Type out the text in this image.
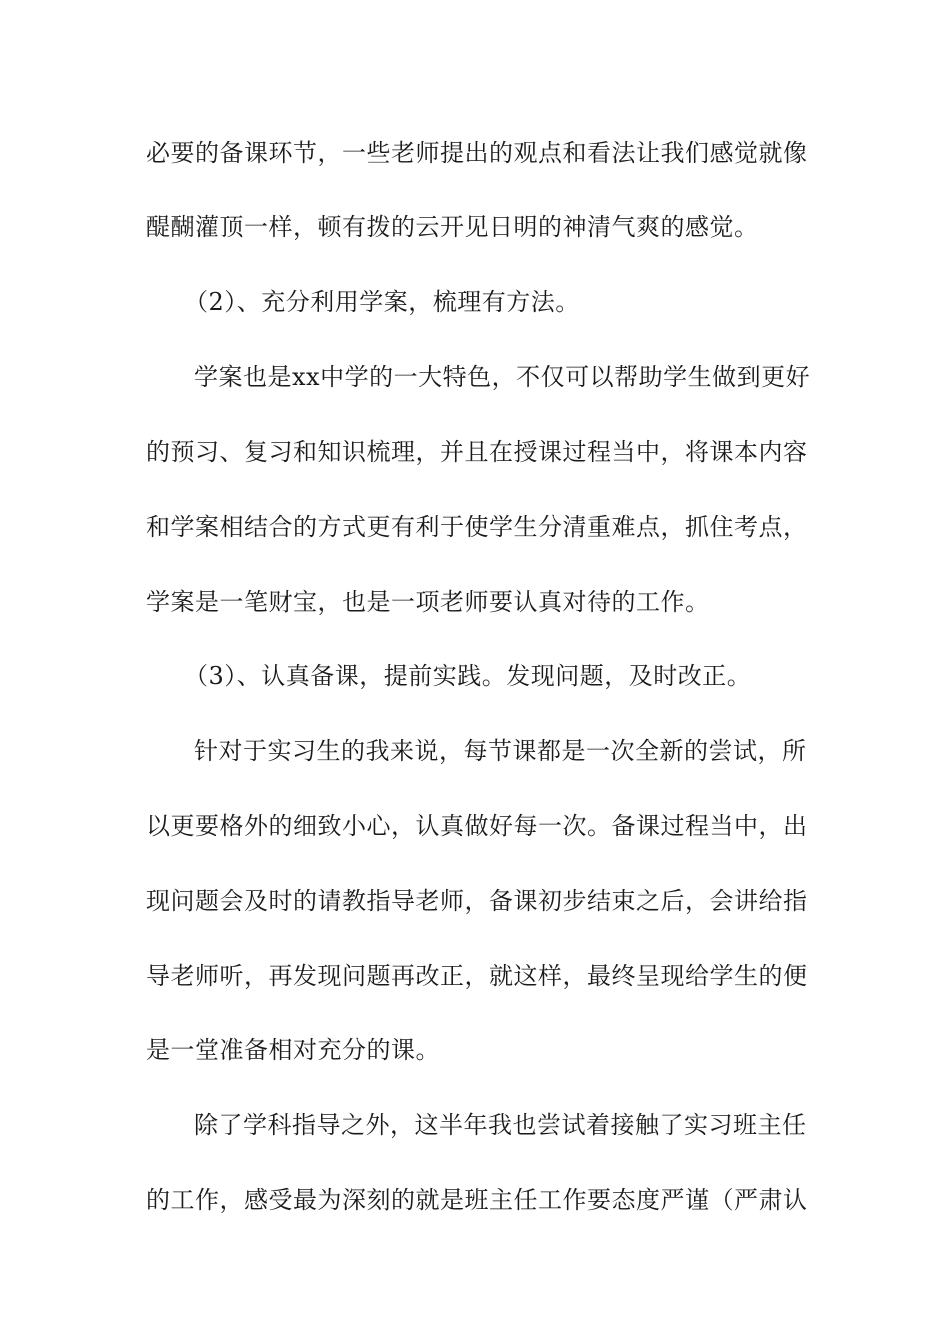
必要的备课环节，一些老师提出的观点和看法让我们感觉就像
醍醐灌顶一样，顿有拨的云开见日明的神清气爽的感觉。
（2）、充分利用学案，梳理有方法。
学案也是xx中学的一大特色，不仅可以帮助学生做到更好
的预习、复习和知识梳理，并且在授课过程当中，将课本内容
和学案相结合的方式更有利于使学生分清重难点，抓住考点，
学案是一笔财宝，也是一项老师要认真对待的工作。
（3）、认真备课，提前实践。发现问题，及时改正。
针对于实习生的我来说，每节课都是一次全新的尝试，所
以更要格外的细致小心，认真做好每一次。备课过程当中，出
现问题会及时的请教指导老师，备课初步结束之后，会讲给指
导老师听，再发现问题再改正，就这样，最终呈现给学生的便
是一堂准备相对充分的课。
除了学科指导之外，这半年我也尝试着接触了实习班主任
的工作，感受最为深刻的就是班主任工作要态度严谨（严肃认
